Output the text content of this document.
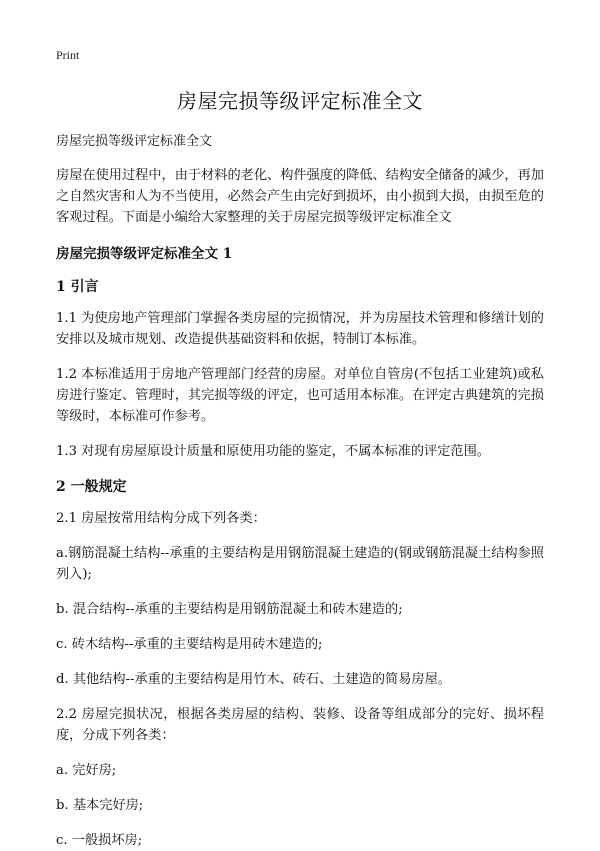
Print
房屋完损等级评定标准全文
房屋完损等级评定标准全文

房屋在使用过程中，由于材料的老化、构件强度的降低、结构安全储备的减少，再加之自然灾害和人为不当使用，必然会产生由完好到损坏，由小损到大损，由损至危的客观过程。下面是小编给大家整理的关于房屋完损等级评定标准全文

房屋完损等级评定标准全文 1
1 引言

1.1 为使房地产管理部门掌握各类房屋的完损情况，并为房屋技术管理和修缮计划的安排以及城市规划、改造提供基础资料和依据，特制订本标准。

1.2 本标准适用于房地产管理部门经营的房屋。对单位自管房(不包括工业建筑)或私房进行鉴定、管理时，其完损等级的评定，也可适用本标准。在评定古典建筑的完损等级时，本标准可作参考。

1.3 对现有房屋原设计质量和原使用功能的鉴定，不属本标准的评定范围。

2 一般规定

2.1 房屋按常用结构分成下列各类：

a.钢筋混凝土结构--承重的主要结构是用钢筋混凝土建造的(钢或钢筋混凝土结构参照列入);

b. 混合结构--承重的主要结构是用钢筋混凝土和砖木建造的;

c. 砖木结构--承重的主要结构是用砖木建造的;

d. 其他结构--承重的主要结构是用竹木、砖石、土建造的简易房屋。

2.2 房屋完损状况，根据各类房屋的结构、装修、设备等组成部分的完好、损坏程度，分成下列各类：

a. 完好房;

b. 基本完好房;

c. 一般损坏房;
